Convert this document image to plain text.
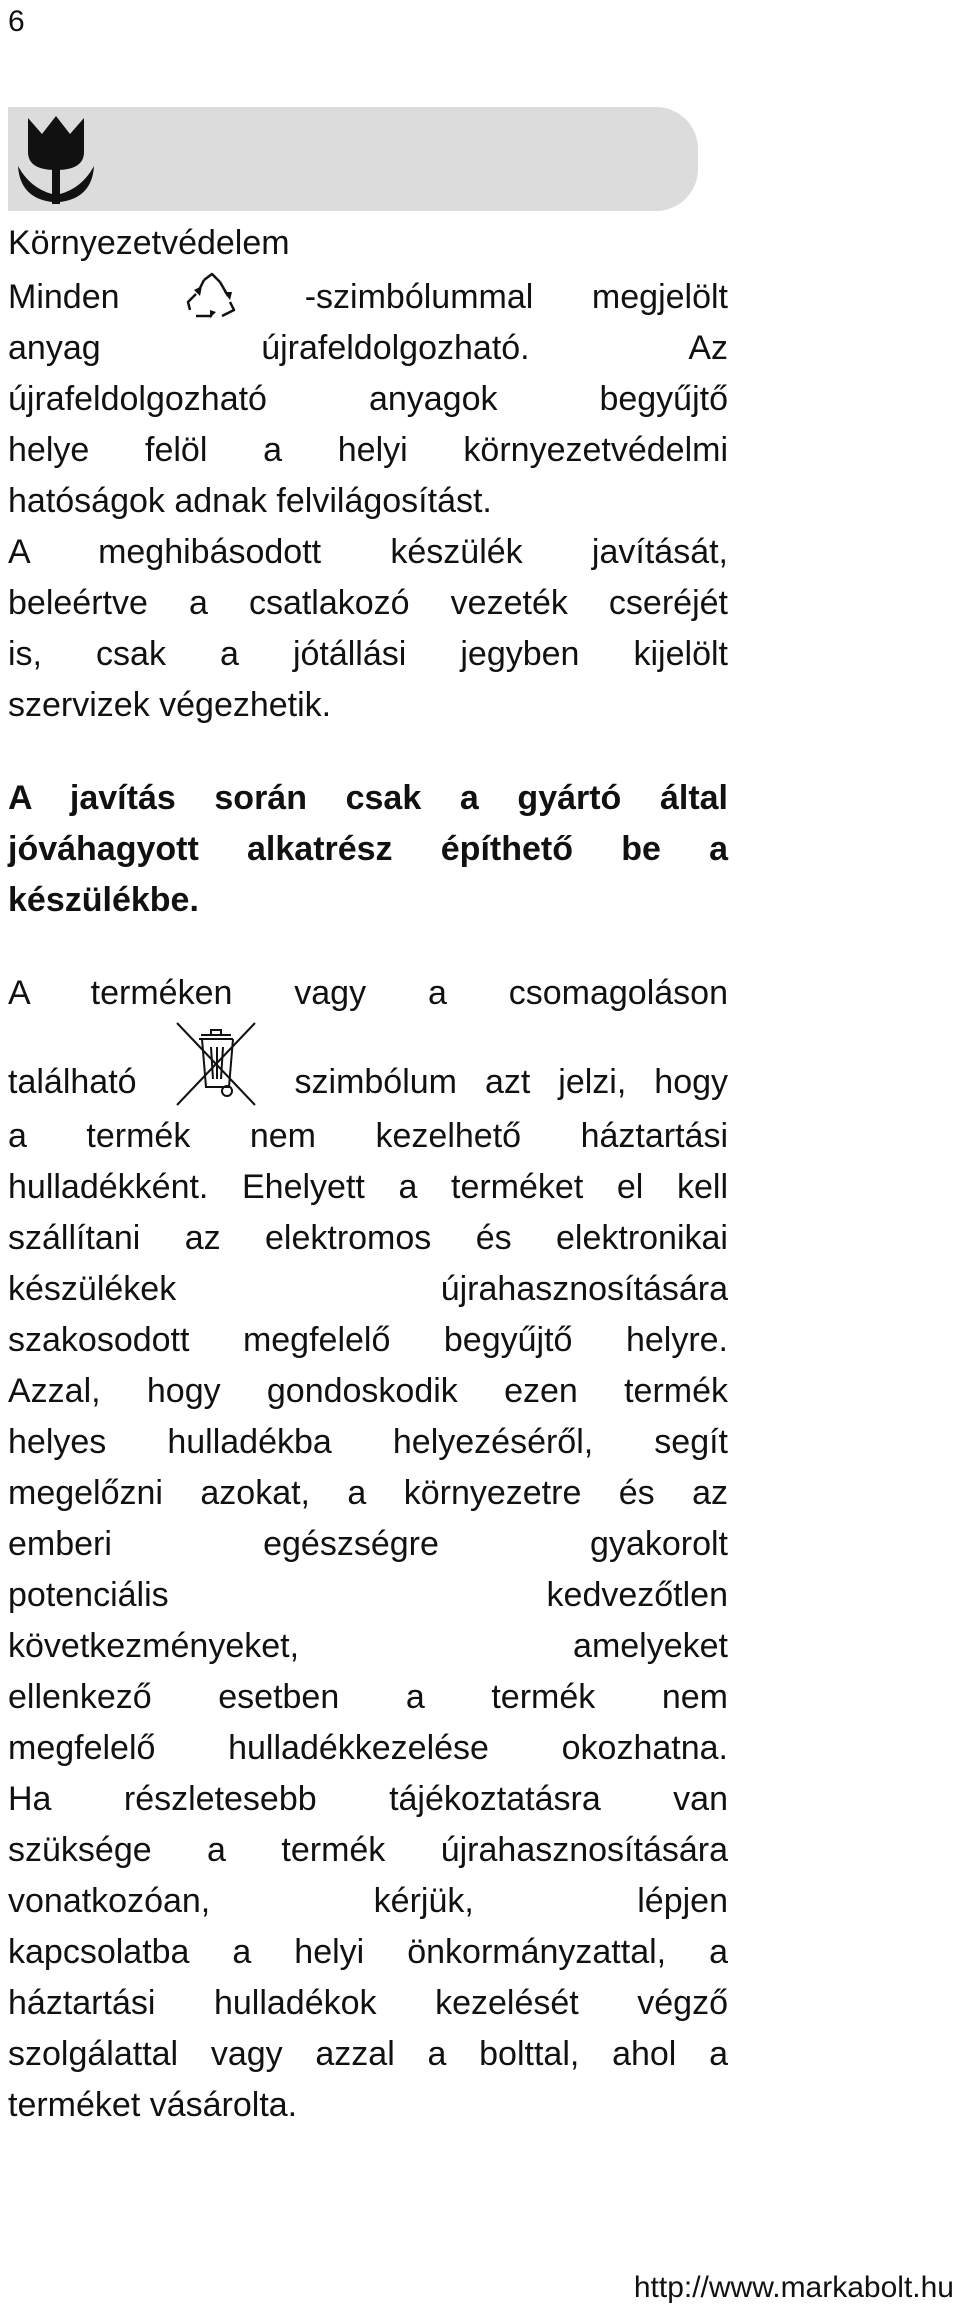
6
Környezetvédelem
Minden	-szimbólummal megjelölt
anyag újrafeldolgozható. Az
újrafeldolgozható anyagok begyűjtő
helye felöl a helyi környezetvédelmi
hatóságok adnak felvilágosítást.
A meghibásodott készülék javítását,
beleértve a csatlakozó vezeték cseréjét
is, csak a jótállási jegyben kijelölt
szervizek végezhetik.
A javítás során csak a gyártó által
jóváhagyott alkatrész építhető be a
készülékbe.
A terméken vagy a csomagoláson
található	szimbólum azt jelzi, hogy
a termék nem kezelhető háztartási
hulladékként. Ehelyett a terméket el kell
szállítani az elektromos és elektronikai
készülékek újrahasznosítására
szakosodott megfelelő begyűjtő helyre.
Azzal, hogy gondoskodik ezen termék
helyes hulladékba helyezéséről, segít
megelőzni azokat, a környezetre és az
emberi egészségre gyakorolt
potenciális kedvezőtlen
következményeket, amelyeket
ellenkező esetben a termék nem
megfelelő hulladékkezelése okozhatna.
Ha részletesebb tájékoztatásra van
szüksége a termék újrahasznosítására
vonatkozóan, kérjük, lépjen
kapcsolatba a helyi önkormányzattal, a
háztartási hulladékok kezelését végző
szolgálattal vagy azzal a bolttal, ahol a
terméket vásárolta.
http://www.markabolt.hu
